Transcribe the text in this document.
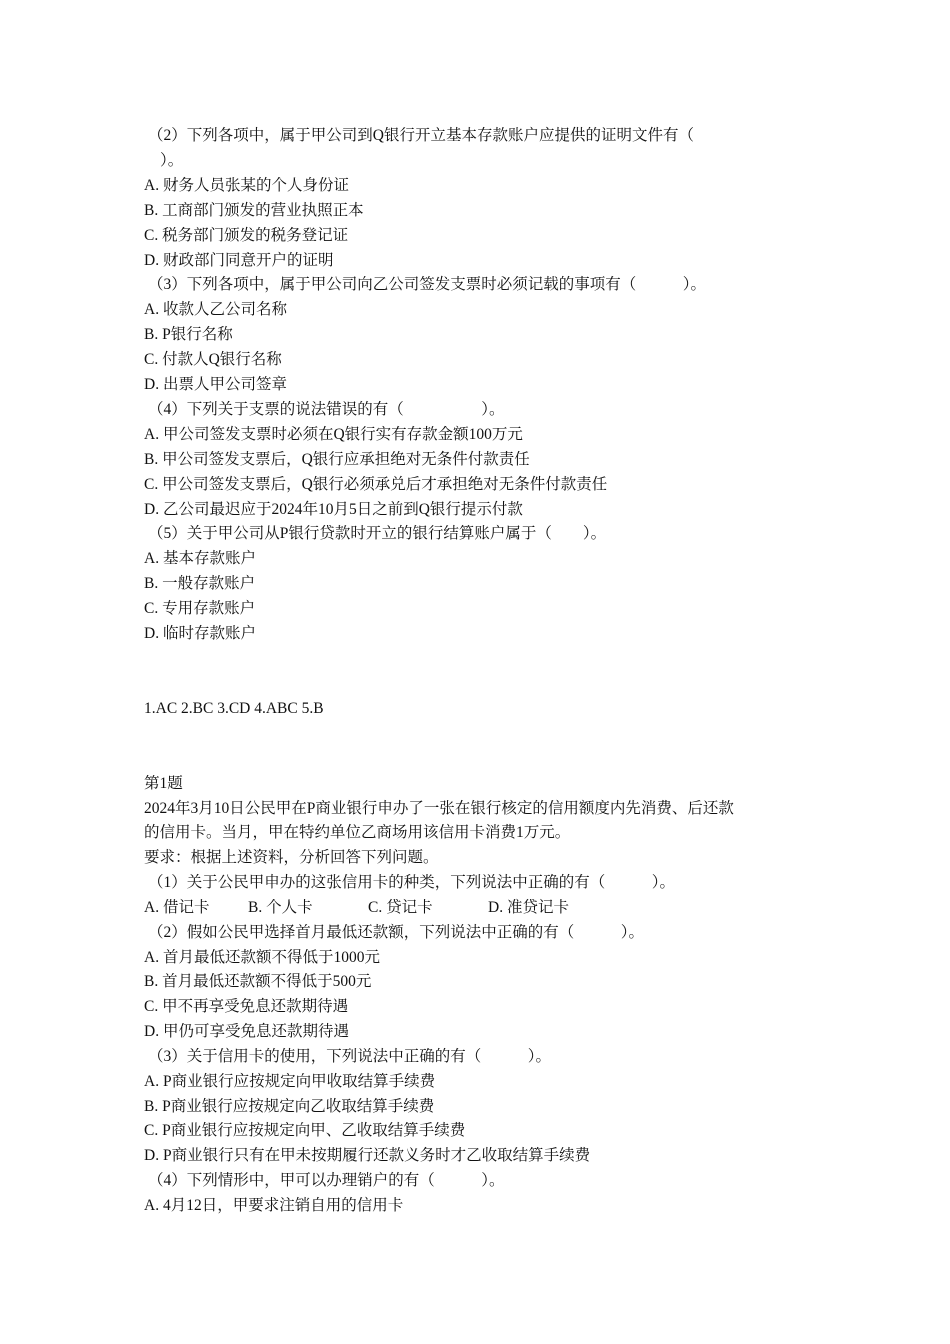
（2）下列各项中，属于甲公司到Q银行开立基本存款账户应提供的证明文件有（
）。
A. 财务人员张某的个人身份证
B. 工商部门颁发的营业执照正本
C. 税务部门颁发的税务登记证
D. 财政部门同意开户的证明
（3）下列各项中，属于甲公司向乙公司签发支票时必须记载的事项有（　　　）。
A. 收款人乙公司名称
B. P银行名称
C. 付款人Q银行名称
D. 出票人甲公司签章
（4）下列关于支票的说法错误的有（　　　　　）。
A. 甲公司签发支票时必须在Q银行实有存款金额100万元
B. 甲公司签发支票后，Q银行应承担绝对无条件付款责任
C. 甲公司签发支票后，Q银行必须承兑后才承担绝对无条件付款责任
D. 乙公司最迟应于2024年10月5日之前到Q银行提示付款
（5）关于甲公司从P银行贷款时开立的银行结算账户属于（　　）。
A. 基本存款账户
B. 一般存款账户
C. 专用存款账户
D. 临时存款账户
1.AC 2.BC 3.CD 4.ABC 5.B
第1题
2024年3月10日公民甲在P商业银行申办了一张在银行核定的信用额度内先消费、后还款
的信用卡。当月，甲在特约单位乙商场用该信用卡消费1万元。
要求：根据上述资料，分析回答下列问题。
（1）关于公民甲申办的这张信用卡的种类，下列说法中正确的有（　　　）。

A. 借记卡

B. 个人卡

	C. 贷记卡

	D. 准贷记卡

（2）假如公民甲选择首月最低还款额，下列说法中正确的有（　　　）。
A. 首月最低还款额不得低于1000元
B. 首月最低还款额不得低于500元
C. 甲不再享受免息还款期待遇
D. 甲仍可享受免息还款期待遇
（3）关于信用卡的使用，下列说法中正确的有（　　　）。
A. P商业银行应按规定向甲收取结算手续费
B. P商业银行应按规定向乙收取结算手续费
C. P商业银行应按规定向甲、乙收取结算手续费
D. P商业银行只有在甲未按期履行还款义务时才乙收取结算手续费
（4）下列情形中，甲可以办理销户的有（　　　）。
A. 4月12日，甲要求注销自用的信用卡
